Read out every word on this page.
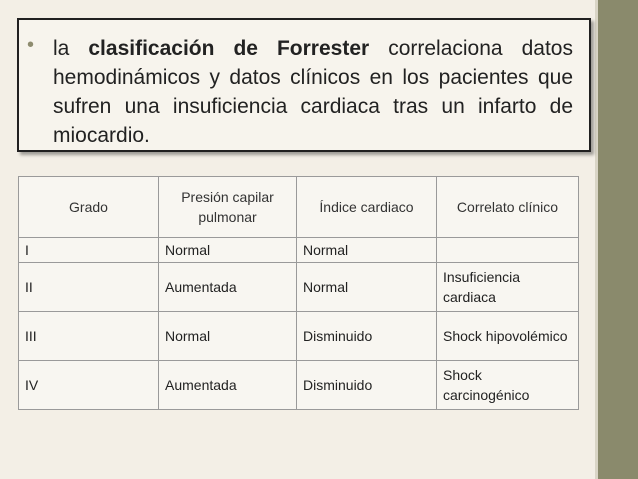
• la clasificación de Forrester correlaciona datos hemodinámicos y datos clínicos en los pacientes que sufren una insuficiencia cardiaca tras un infarto de miocardio.
Grado	Presión capilar pulmonar	Índice cardiaco	Correlato clínico
I	Normal	Normal	
II	Aumentada	Normal	Insuficiencia cardiaca
III	Normal	Disminuido	Shock hipovolémico
IV	Aumentada	Disminuido	Shock carcinogénico
